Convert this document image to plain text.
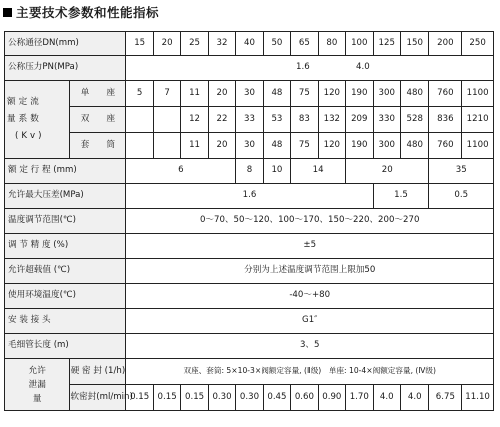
主要技术参数和性能指标
公称通径DN(mm)		15	20	25	32	40	50	65	80	100	125	150	200	250
公称压力PN(MPa)		1.6 4.0												

额定流
量系数
(Kv)	单　　座	5	7	11	20	30	48	75	120	190	300	480	760	1100
	双　　座			12	22	33	53	83	132	209	330	528	836	1210
	套　　筒			11	20	30	48	75	120	190	300	480	760	1100
额 定 行 程 (mm)		6				8	10	14		20			35	
允许最大压差(MPa)		1.6									1.5		0.5	
温度调节范围(℃)		0～70、50～120、100～170、150～220、200～270												
调 节 精 度 (%)		±5												
允许超载值 (℃)		分别为上述温度调节范围上限加50												
使用环境温度(℃)		-40～+80												
安 装 接 头		G1″												
毛细管长度 (m)		3、5												

允许
泄漏
量	硬 密 封 (1/h)	双座、套筒: 5×10-3×阀额定容量, (Ⅱ级)　单座: 10-4×阀额定容量, (Ⅳ级)												
	软密封(ml/min)	0.15	0.15	0.15	0.30	0.30	0.45	0.60	0.90	1.70	4.0	4.0	6.75	11.10
